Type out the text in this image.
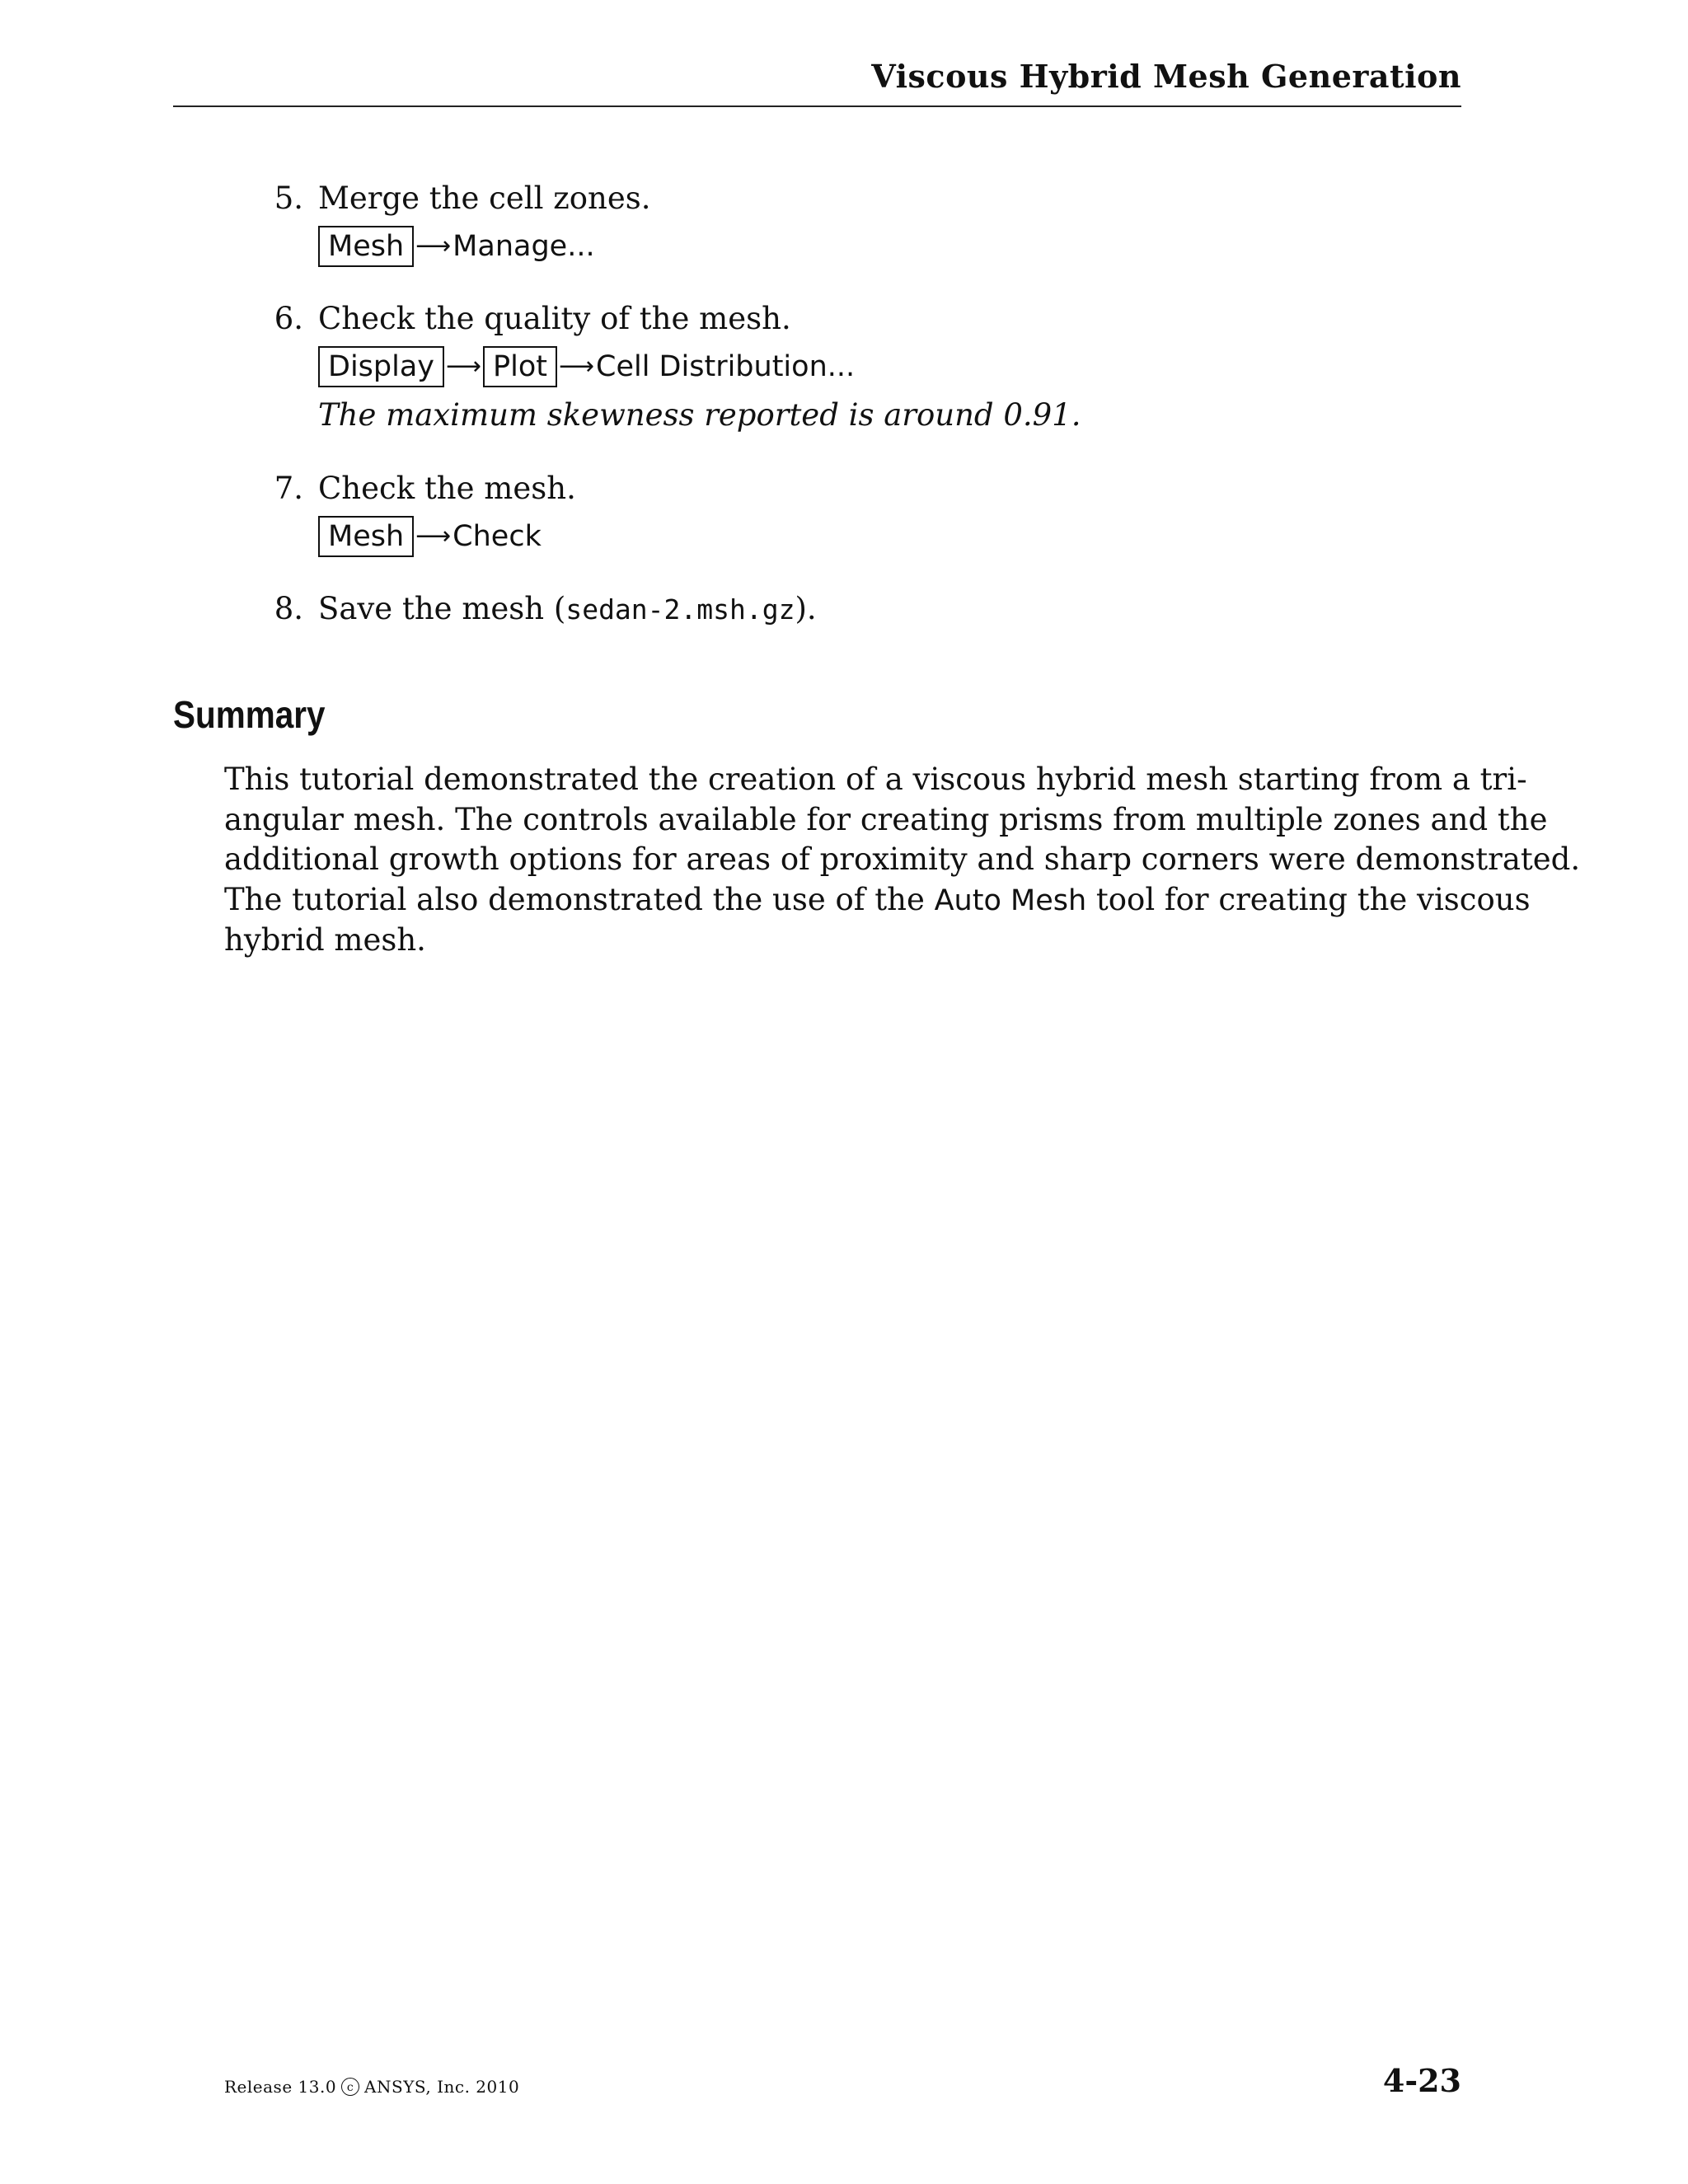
Viscous Hybrid Mesh Generation
5. Merge the cell zones.
Mesh ⟶ Manage...
6. Check the quality of the mesh.
Display ⟶ Plot ⟶ Cell Distribution...
The maximum skewness reported is around 0.91.
7. Check the mesh.
Mesh ⟶ Check
8. Save the mesh (sedan-2.msh.gz).
Summary
This tutorial demonstrated the creation of a viscous hybrid mesh starting from a tri-
angular mesh. The controls available for creating prisms from multiple zones and the
additional growth options for areas of proximity and sharp corners were demonstrated.
The tutorial also demonstrated the use of the Auto Mesh tool for creating the viscous
hybrid mesh.
Release 13.0 c ANSYS, Inc. 2010	4-23
